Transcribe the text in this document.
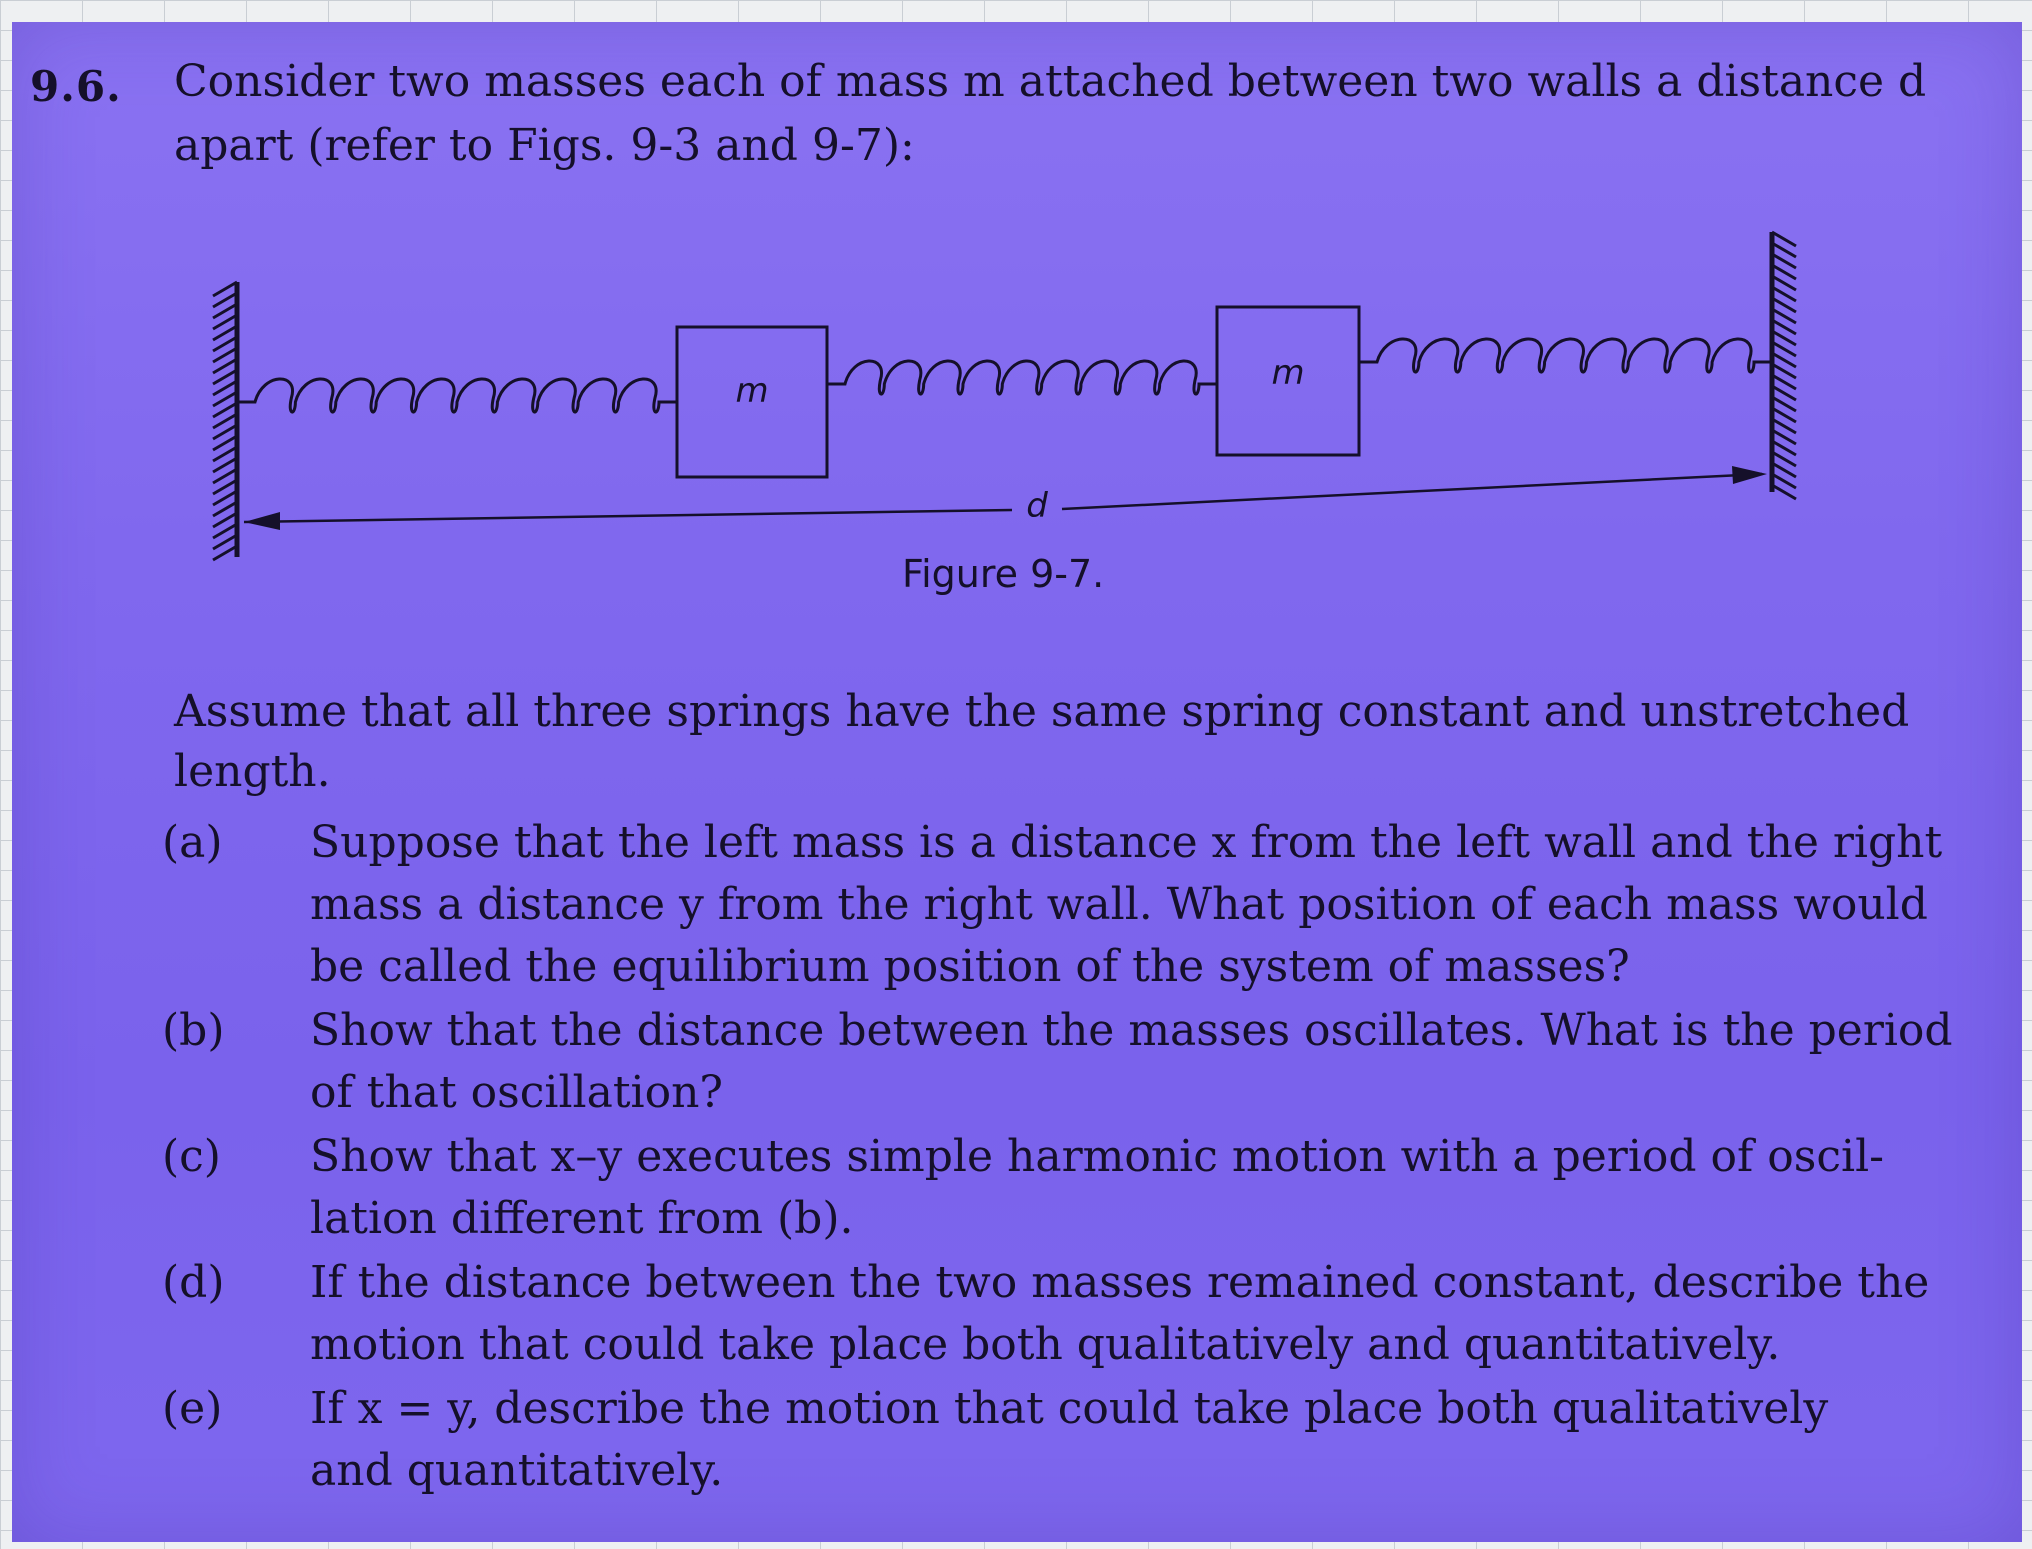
9.6. Consider two masses each of mass m attached between two walls a distance d
apart (refer to Figs. 9-3 and 9-7):
m	m
d
Figure 9-7.
Assume that all three springs have the same spring constant and unstretched
length.
(a)	Suppose that the left mass is a distance x from the left wall and the right
mass a distance y from the right wall. What position of each mass would
be called the equilibrium position of the system of masses?
(b)	Show that the distance between the masses oscillates. What is the period
of that oscillation?
(c)	Show that x–y executes simple harmonic motion with a period of oscil-
lation different from (b).
(d)	If the distance between the two masses remained constant, describe the
motion that could take place both qualitatively and quantitatively.
(e)	If x = y, describe the motion that could take place both qualitatively
and quantitatively.
